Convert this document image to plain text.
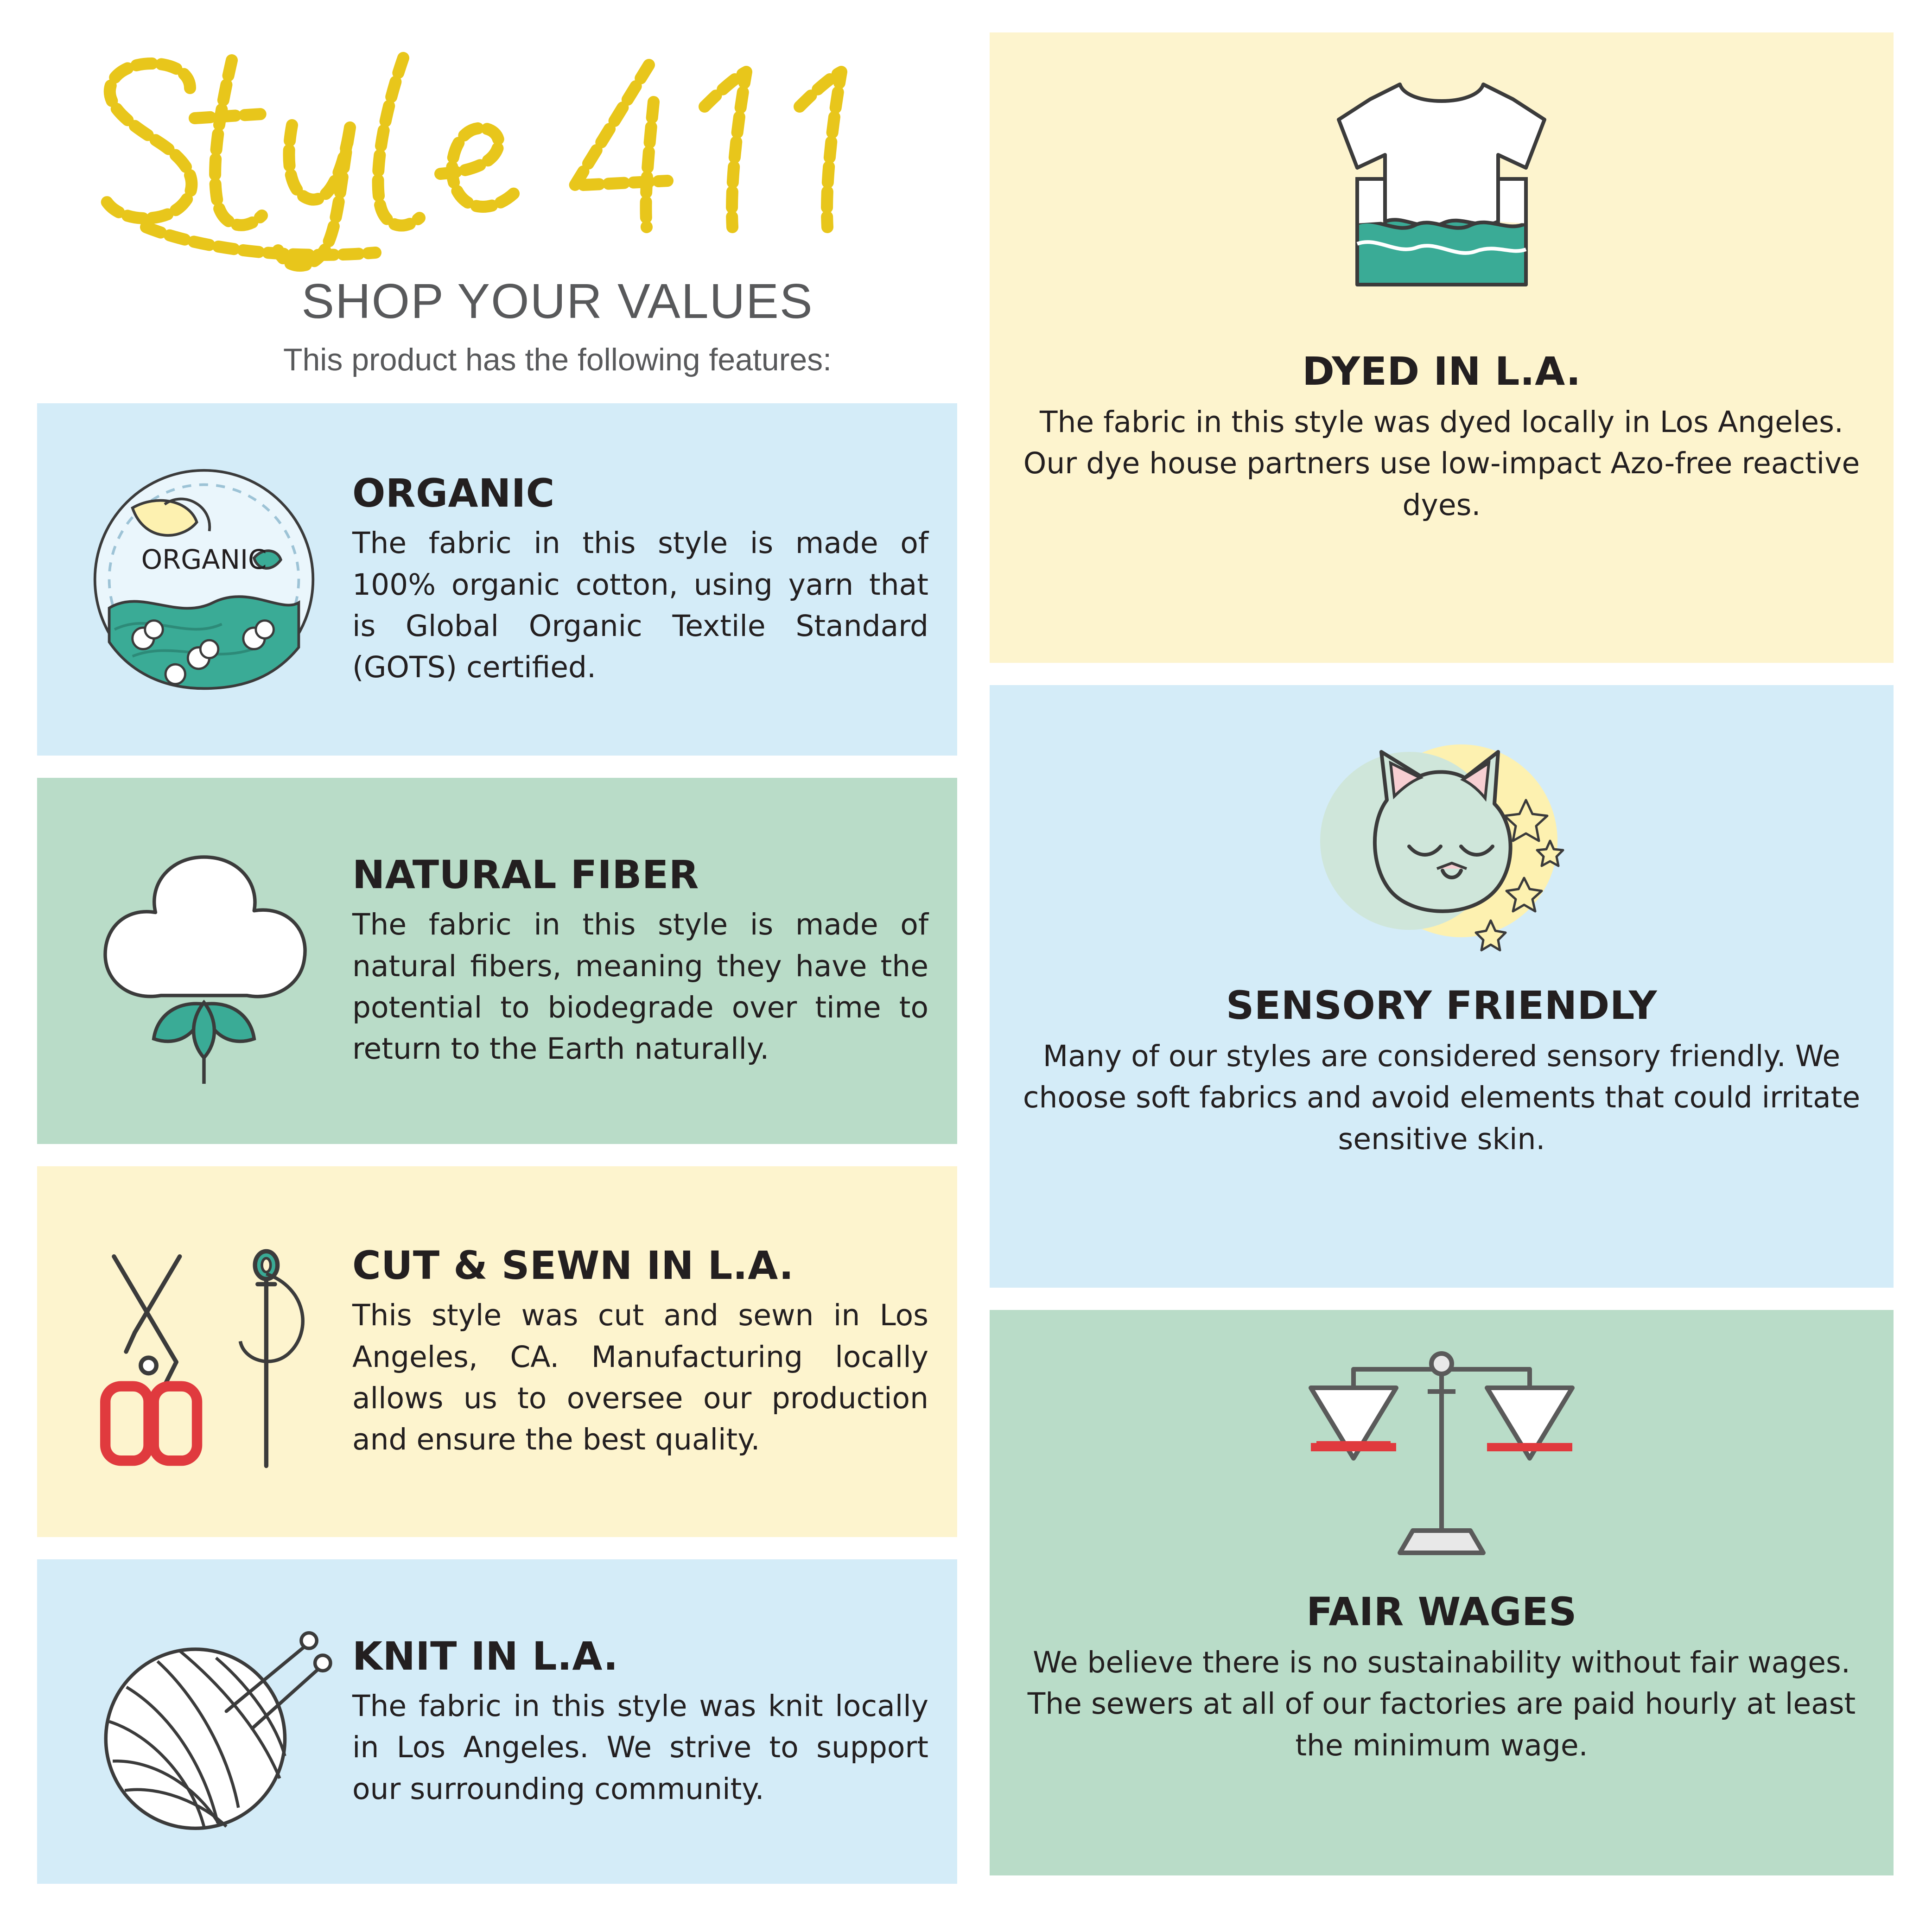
SHOP YOUR VALUES
This product has the following features:
ORGANIC
ORGANIC

The fabric in this style is made of 100% organic cotton, using yarn that is Global Organic Textile Standard (GOTS) certified.

NATURAL FIBER

The fabric in this style is made of natural fibers, meaning they have the potential to biodegrade over time to return to the Earth naturally.

CUT & SEWN IN L.A.

This style was cut and sewn in Los Angeles, CA. Manufacturing locally allows us to oversee our production and ensure the best quality.

KNIT IN L.A.

The fabric in this style was knit locally in Los Angeles. We strive to support our surrounding community.

DYED IN L.A.

The fabric in this style was dyed locally in Los Angeles. Our dye house partners use low-impact Azo-free reactive dyes.

SENSORY FRIENDLY

Many of our styles are considered sensory friendly. We choose soft fabrics and avoid elements that could irritate sensitive skin.

FAIR WAGES

We believe there is no sustainability without fair wages. The sewers at all of our factories are paid hourly at least the minimum wage.
